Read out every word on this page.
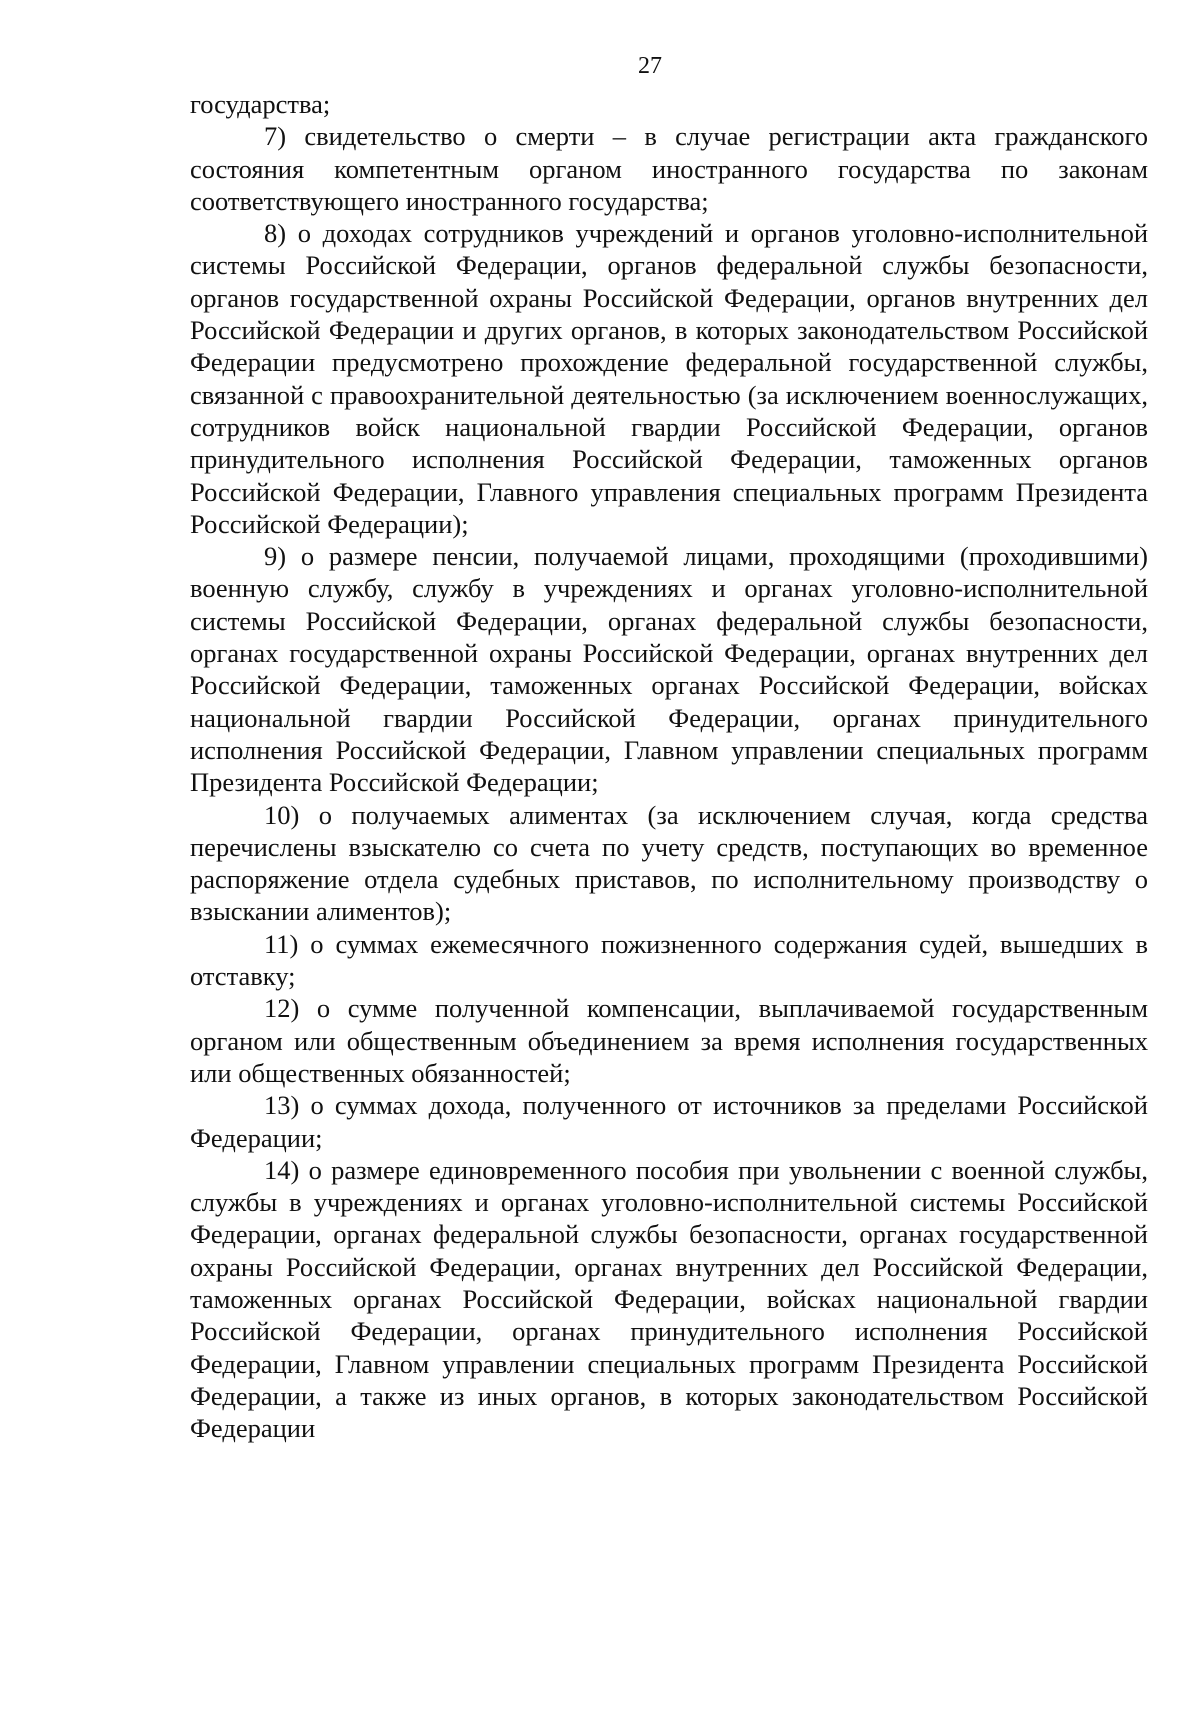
27

государства;

7) свидетельство о смерти – в случае регистрации акта гражданского состояния компетентным органом иностранного государства по законам соответствующего иностранного государства;

8) о доходах сотрудников учреждений и органов уголовно-исполнительной системы Российской Федерации, органов федеральной службы безопасности, органов государственной охраны Российской Федерации, органов внутренних дел Российской Федерации и других органов, в которых законодательством Российской Федерации предусмотрено прохождение федеральной государственной службы, связанной с правоохранительной деятельностью (за исключением военнослужащих, сотрудников войск национальной гвардии Российской Федерации, органов принудительного исполнения Российской Федерации, таможенных органов Российской Федерации, Главного управления специальных программ Президента Российской Федерации);

9) о размере пенсии, получаемой лицами, проходящими (проходившими) военную службу, службу в учреждениях и органах уголовно-исполнительной системы Российской Федерации, органах федеральной службы безопасности, органах государственной охраны Российской Федерации, органах внутренних дел Российской Федерации, таможенных органах Российской Федерации, войсках национальной гвардии Российской Федерации, органах принудительного исполнения Российской Федерации, Главном управлении специальных программ Президента Российской Федерации;

10) о получаемых алиментах (за исключением случая, когда средства перечислены взыскателю со счета по учету средств, поступающих во временное распоряжение отдела судебных приставов, по исполнительному производству о взыскании алиментов);

11) о суммах ежемесячного пожизненного содержания судей, вышедших в отставку;

12) о сумме полученной компенсации, выплачиваемой государственным органом или общественным объединением за время исполнения государственных или общественных обязанностей;

13) о суммах дохода, полученного от источников за пределами Российской Федерации;

14) о размере единовременного пособия при увольнении с военной службы, службы в учреждениях и органах уголовно-исполнительной системы Российской Федерации, органах федеральной службы безопасности, органах государственной охраны Российской Федерации, органах внутренних дел Российской Федерации, таможенных органах Российской Федерации, войсках национальной гвардии Российской Федерации, органах принудительного исполнения Российской Федерации, Главном управлении специальных программ Президента Российской Федерации, а также из иных органов, в которых законодательством Российской Федерации
